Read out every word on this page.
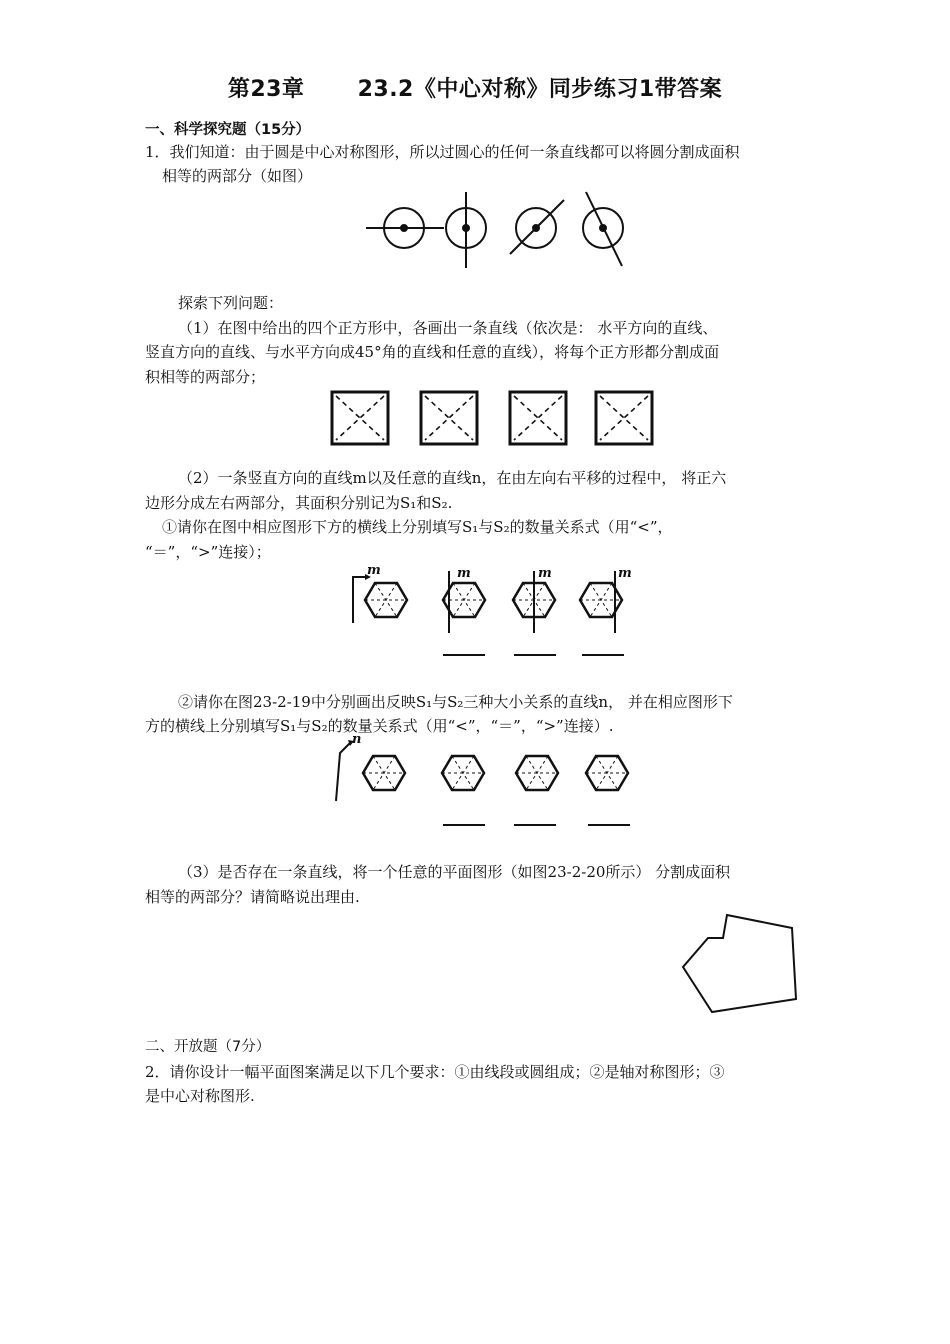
第23章　　 23.2《中心对称》同步练习1带答案
一、科学探究题（15分）
1．我们知道：由于圆是中心对称图形，所以过圆心的任何一条直线都可以将圆分割成面积
相等的两部分（如图）
探索下列问题：
（1）在图中给出的四个正方形中，各画出一条直线（依次是： 水平方向的直线、
竖直方向的直线、与水平方向成45°角的直线和任意的直线），将每个正方形都分割成面
积相等的两部分；
（2）一条竖直方向的直线m以及任意的直线n，在由左向右平移的过程中， 将正六
边形分成左右两部分，其面积分别记为S₁和S₂.
①请你在图中相应图形下方的横线上分别填写S₁与S₂的数量关系式（用“<”，
“＝”，“>”连接）；
m	m	m	m
②请你在图23-2-19中分别画出反映S₁与S₂三种大小关系的直线n， 并在相应图形下
方的横线上分别填写S₁与S₂的数量关系式（用“<”，“＝”，“>”连接）.
n
（3）是否存在一条直线，将一个任意的平面图形（如图23-2-20所示） 分割成面积
相等的两部分？请简略说出理由.
二、开放题（7分）
2．请你设计一幅平面图案满足以下几个要求：①由线段或圆组成；②是轴对称图形；③
是中心对称图形.
